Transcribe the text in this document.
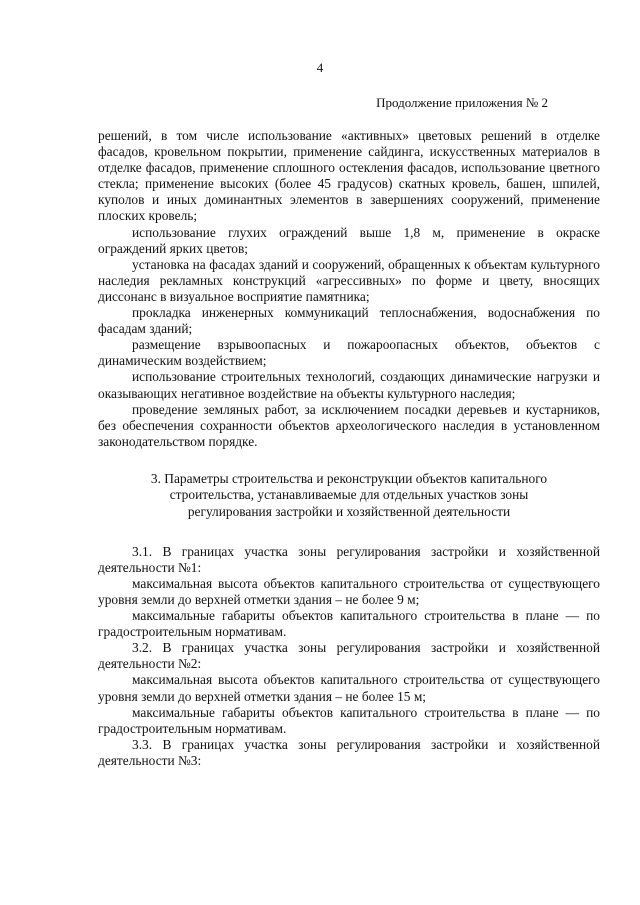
4
Продолжение приложения № 2

решений, в том числе использование «активных» цветовых решений в отделке фасадов, кровельном покрытии, применение сайдинга, искусственных материалов в отделке фасадов, применение сплошного остекления фасадов, использование цветного стекла; применение высоких (более 45 градусов) скатных кровель, башен, шпилей, куполов и иных доминантных элементов в завершениях сооружений, применение плоских кровель;

использование глухих ограждений выше 1,8 м, применение в окраске ограждений ярких цветов;

установка на фасадах зданий и сооружений, обращенных к объектам культурного наследия рекламных конструкций «агрессивных» по форме и цвету, вносящих диссонанс в визуальное восприятие памятника;

прокладка инженерных коммуникаций теплоснабжения, водоснабжения по фасадам зданий;

размещение взрывоопасных и пожароопасных объектов, объектов с динамическим воздействием;

использование строительных технологий, создающих динамические нагрузки и оказывающих негативное воздействие на объекты культурного наследия;

проведение земляных работ, за исключением посадки деревьев и кустарников, без обеспечения сохранности объектов археологического наследия в установленном законодательством порядке.

3. Параметры строительства и реконструкции объектов капитального
строительства, устанавливаемые для отдельных участков зоны
регулирования застройки и хозяйственной деятельности

3.1. В границах участка зоны регулирования застройки и хозяйственной деятельности №1:

максимальная высота объектов капитального строительства от существующего уровня земли до верхней отметки здания – не более 9 м;

максимальные габариты объектов капитального строительства в плане — по градостроительным нормативам.

3.2. В границах участка зоны регулирования застройки и хозяйственной деятельности №2:

максимальная высота объектов капитального строительства от существующего уровня земли до верхней отметки здания – не более 15 м;

максимальные габариты объектов капитального строительства в плане — по градостроительным нормативам.

3.3. В границах участка зоны регулирования застройки и хозяйственной деятельности №3:
